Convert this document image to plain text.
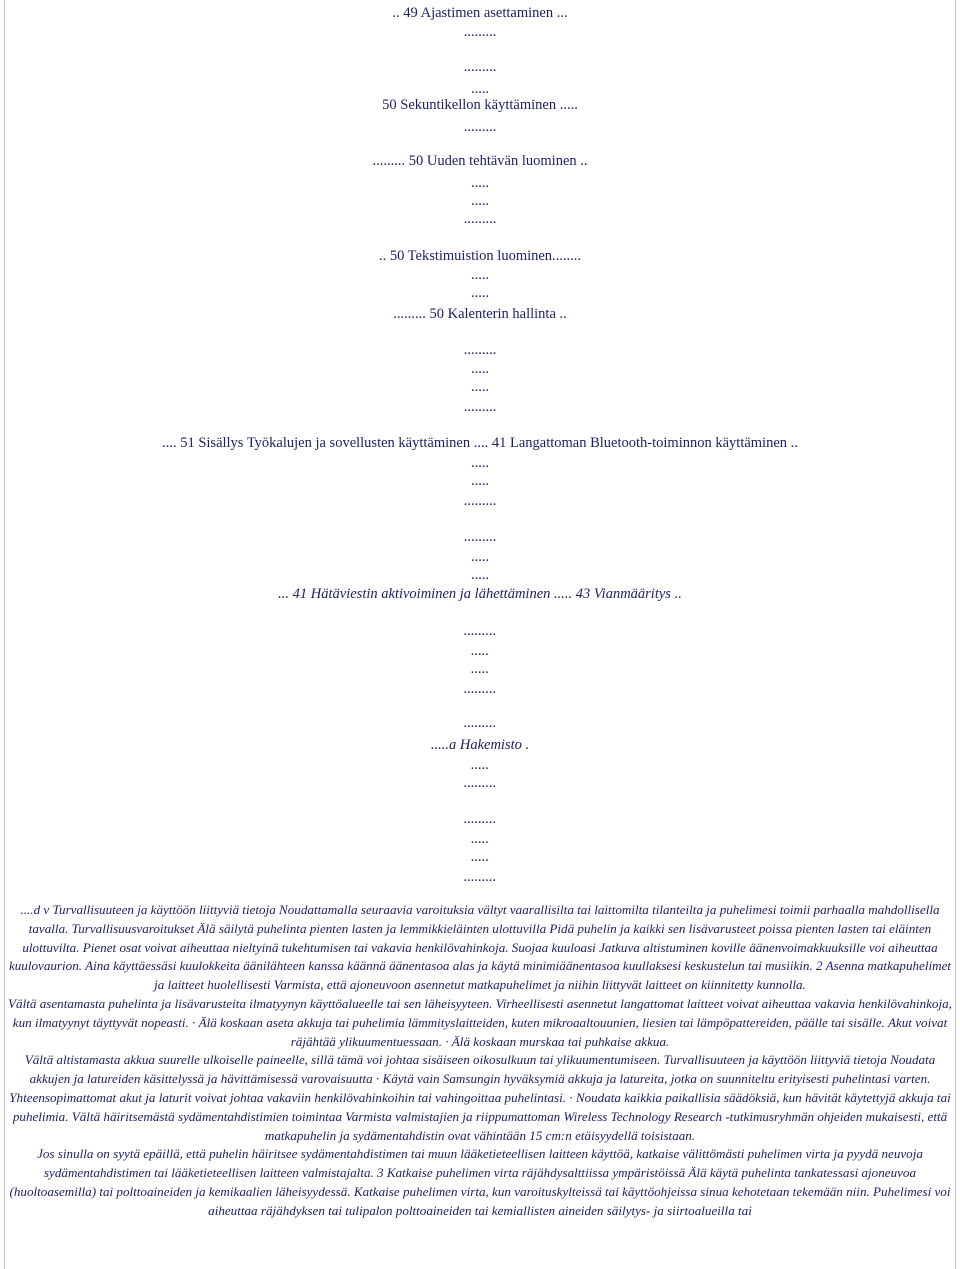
.. 49 Ajastimen asettaminen ...
.........
.........
.....
50 Sekuntikellon käyttäminen .....
.........
......... 50 Uuden tehtävän luominen ..
.....
.....
.........
.. 50 Tekstimuistion luominen........
.....
.....
......... 50 Kalenterin hallinta ..
.........
.....
.....
.........
.... 51 Sisällys Työkalujen ja sovellusten käyttäminen .... 41 Langattoman Bluetooth-toiminnon käyttäminen ..
.....
.....
.........
.........
.....
.....
... 41 Hätäviestin aktivoiminen ja lähettäminen ..... 43 Vianmääritys ..
.........
.....
.....
.........
.........
.....a Hakemisto .
.....
.........
.........
.....
.....
.........

....d v Turvallisuuteen ja käyttöön liittyviä tietoja Noudattamalla seuraavia varoituksia vältyt vaarallisilta tai laittomilta tilanteilta ja puhelimesi toimii parhaalla mahdollisella tavalla. Turvallisuusvaroitukset Älä säilytä puhelinta pienten lasten ja lemmikkieläinten ulottuvilla Pidä puhelin ja kaikki sen lisävarusteet poissa pienten lasten tai eläinten ulottuvilta. Pienet osat voivat aiheuttaa nieltyinä tukehtumisen tai vakavia henkilövahinkoja. Suojaa kuuloasi Jatkuva altistuminen koville äänenvoimakkuuksille voi aiheuttaa kuulovaurion. Aina käyttäessäsi kuulokkeita äänilähteen kanssa käännä äänentasoa alas ja käytä minimiäänentasoa kuullaksesi keskustelun tai musiikin. 2 Asenna matkapuhelimet ja laitteet huolellisesti Varmista, että ajoneuvoon asennetut matkapuhelimet ja niihin liittyvät laitteet on kiinnitetty kunnolla.

Vältä asentamasta puhelinta ja lisävarusteita ilmatyynyn käyttöalueelle tai sen läheisyyteen. Virheellisesti asennetut langattomat laitteet voivat aiheuttaa vakavia henkilövahinkoja, kun ilmatyynyt täyttyvät nopeasti. · Älä koskaan aseta akkuja tai puhelimia lämmityslaitteiden, kuten mikroaaltouunien, liesien tai lämpöpattereiden, päälle tai sisälle. Akut voivat räjähtää ylikuumentuessaan. · Älä koskaan murskaa tai puhkaise akkua.

Vältä altistamasta akkua suurelle ulkoiselle paineelle, sillä tämä voi johtaa sisäiseen oikosulkuun tai ylikuumentumiseen. Turvallisuuteen ja käyttöön liittyviä tietoja Noudata akkujen ja latureiden käsittelyssä ja hävittämisessä varovaisuutta · Käytä vain Samsungin hyväksymiä akkuja ja latureita, jotka on suunniteltu erityisesti puhelintasi varten. Yhteensopimattomat akut ja laturit voivat johtaa vakaviin henkilövahinkoihin tai vahingoittaa puhelintasi. · Noudata kaikkia paikallisia säädöksiä, kun hävität käytettyjä akkuja tai puhelimia. Vältä häiritsemästä sydämentahdistimien toimintaa Varmista valmistajien ja riippumattoman Wireless Technology Research -tutkimusryhmän ohjeiden mukaisesti, että matkapuhelin ja sydämentahdistin ovat vähintään 15 cm:n etäisyydellä toisistaan.

Jos sinulla on syytä epäillä, että puhelin häiritsee sydämentahdistimen tai muun lääketieteellisen laitteen käyttöä, katkaise välittömästi puhelimen virta ja pyydä neuvoja sydämentahdistimen tai lääketieteellisen laitteen valmistajalta. 3 Katkaise puhelimen virta räjähdysalttiissa ympäristöissä Älä käytä puhelinta tankatessasi ajoneuvoa (huoltoasemilla) tai polttoaineiden ja kemikaalien läheisyydessä. Katkaise puhelimen virta, kun varoituskylteissä tai käyttöohjeissa sinua kehotetaan tekemään niin. Puhelimesi voi aiheuttaa räjähdyksen tai tulipalon polttoaineiden tai kemiallisten aineiden säilytys- ja siirtoalueilla tai
